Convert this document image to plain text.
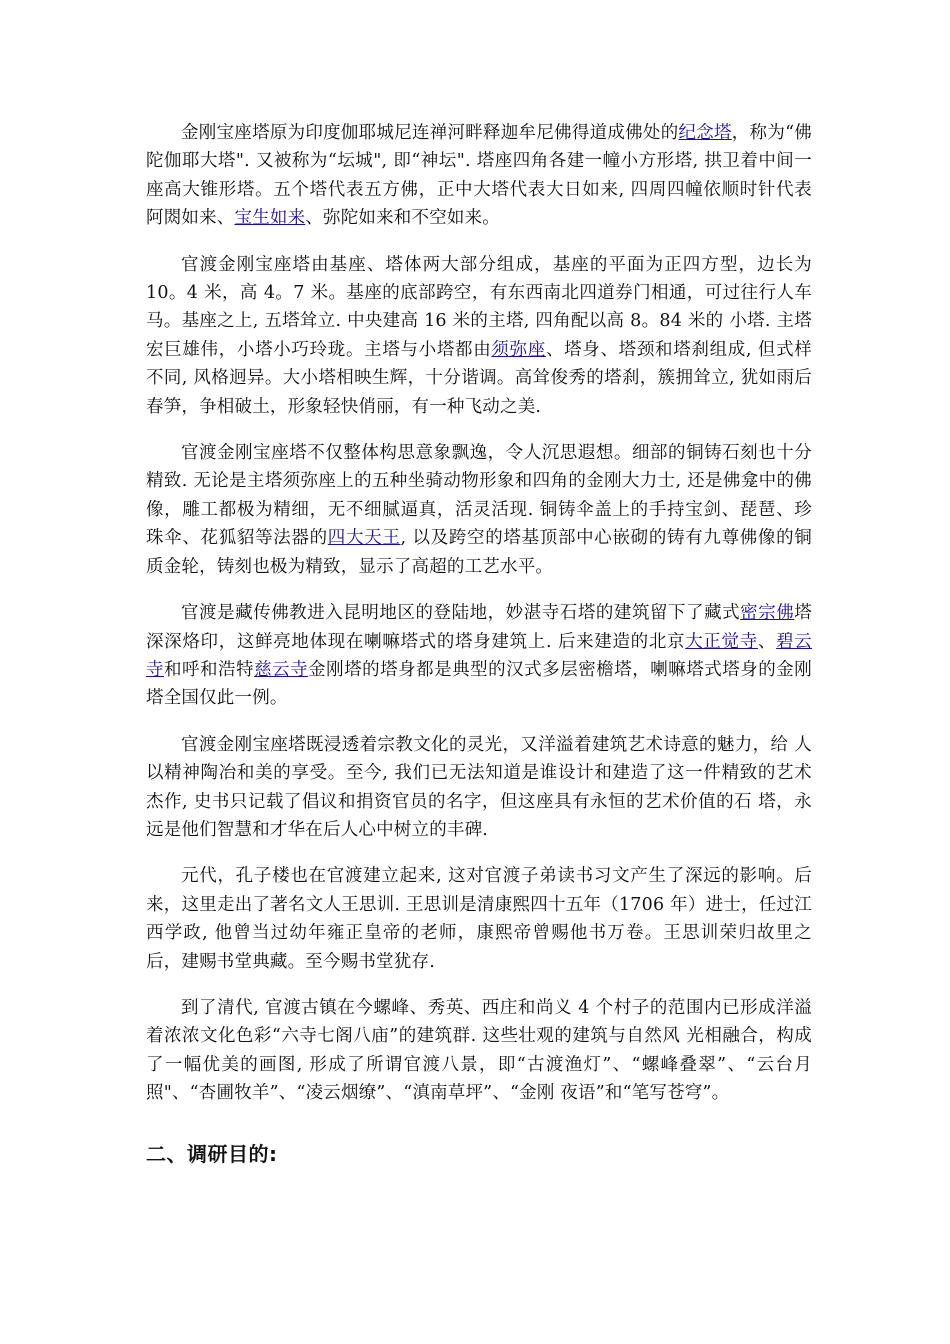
金刚宝座塔原为印度伽耶城尼连禅河畔释迦牟尼佛得道成佛处的纪念塔，称为“佛陀伽耶大塔". 又被称为“坛城", 即“神坛". 塔座四角各建一幢小方形塔, 拱卫着中间一座高大锥形塔。五个塔代表五方佛，正中大塔代表大日如来, 四周四幢依顺时针代表阿閦如来、宝生如来、弥陀如来和不空如来。

官渡金刚宝座塔由基座、塔体两大部分组成，基座的平面为正四方型，边长为 10。4 米，高 4。7 米。基座的底部跨空，有东西南北四道券门相通，可过往行人车马。基座之上, 五塔耸立. 中央建高 16 米的主塔, 四角配以高 8。84 米的 小塔. 主塔宏巨雄伟，小塔小巧玲珑。主塔与小塔都由须弥座、塔身、塔颈和塔刹组成, 但式样不同, 风格迥异。大小塔相映生辉，十分谐调。高耸俊秀的塔刹，簇拥耸立, 犹如雨后春笋，争相破土，形象轻快俏丽，有一种飞动之美.

官渡金刚宝座塔不仅整体构思意象飘逸，令人沉思遐想。细部的铜铸石刻也十分精致. 无论是主塔须弥座上的五种坐骑动物形象和四角的金刚大力士, 还是佛龛中的佛像，雕工都极为精细，无不细腻逼真，活灵活现. 铜铸伞盖上的手持宝剑、琵琶、珍珠伞、花狐貂等法器的四大天王, 以及跨空的塔基顶部中心嵌砌的铸有九尊佛像的铜质金轮，铸刻也极为精致，显示了高超的工艺水平。

官渡是藏传佛教进入昆明地区的登陆地，妙湛寺石塔的建筑留下了藏式密宗佛塔深深烙印，这鲜亮地体现在喇嘛塔式的塔身建筑上. 后来建造的北京大正觉寺、碧云寺和呼和浩特慈云寺金刚塔的塔身都是典型的汉式多层密檐塔，喇嘛塔式塔身的金刚塔全国仅此一例。

官渡金刚宝座塔既浸透着宗教文化的灵光，又洋溢着建筑艺术诗意的魅力，给 人以精神陶冶和美的享受。至今, 我们已无法知道是谁设计和建造了这一件精致的艺术杰作, 史书只记载了倡议和捐资官员的名字，但这座具有永恒的艺术价值的石 塔，永远是他们智慧和才华在后人心中树立的丰碑.

元代，孔子楼也在官渡建立起来, 这对官渡子弟读书习文产生了深远的影响。后来，这里走出了著名文人王思训. 王思训是清康熙四十五年（1706 年）进士，任过江西学政, 他曾当过幼年雍正皇帝的老师，康熙帝曾赐他书万卷。王思训荣归故里之后，建赐书堂典藏。至今赐书堂犹存.

到了清代, 官渡古镇在今螺峰、秀英、西庄和尚义 4 个村子的范围内已形成洋溢着浓浓文化色彩“六寺七阁八庙”的建筑群. 这些壮观的建筑与自然风 光相融合，构成了一幅优美的画图, 形成了所谓官渡八景，即“古渡渔灯”、“螺峰叠翠”、“云台月照"、“杏圃牧羊”、“凌云烟缭”、“滇南草坪”、“金刚 夜语”和“笔写苍穹”。

二、调研目的:
